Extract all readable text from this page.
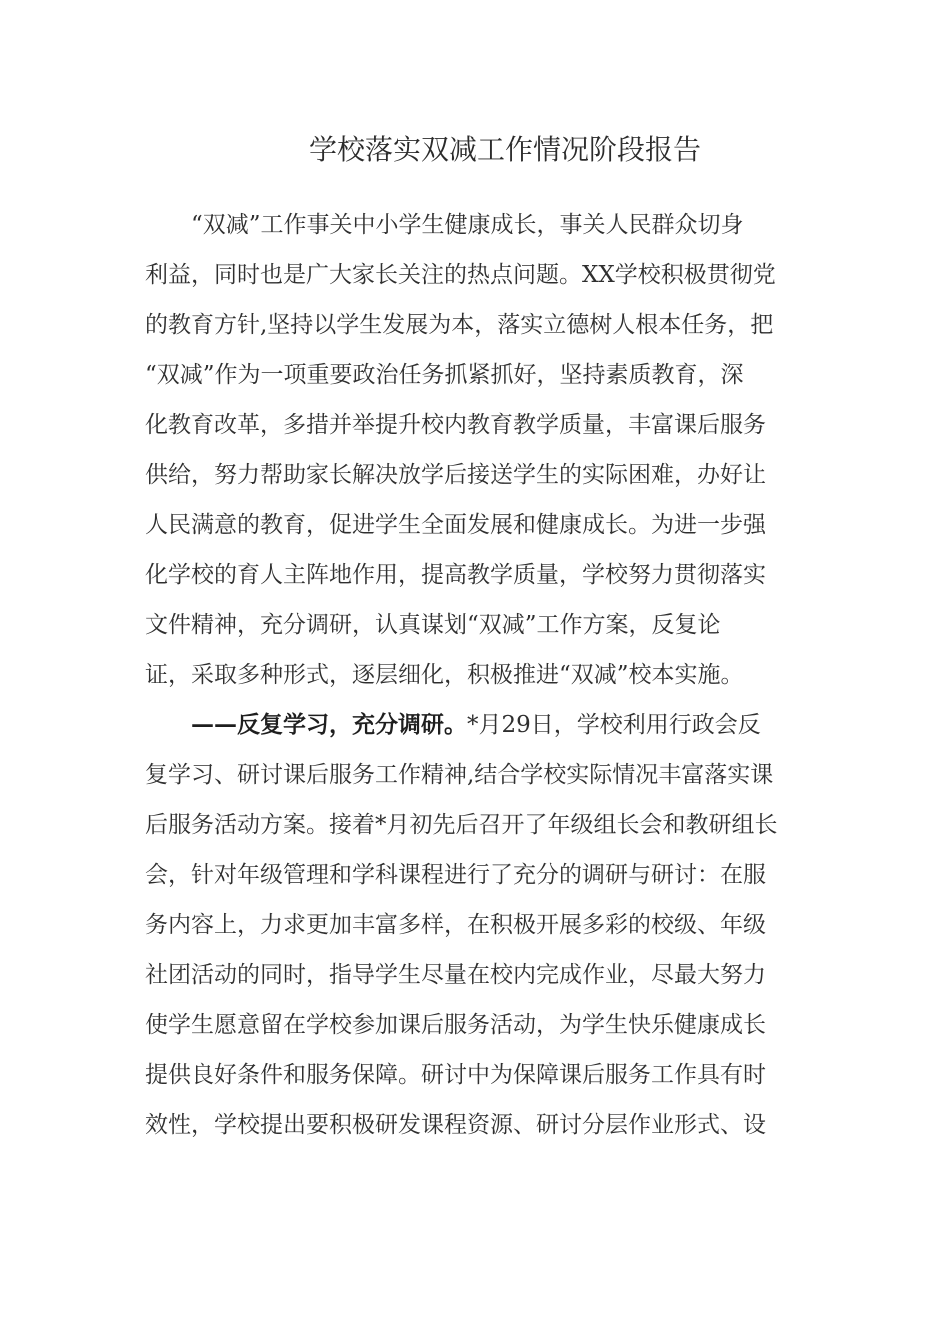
学校落实双减工作情况阶段报告
“双减”工作事关中小学生健康成长，事关人民群众切身
利益，同时也是广大家长关注的热点问题。XX学校积极贯彻党
的教育方针,坚持以学生发展为本，落实立德树人根本任务，把
“双减”作为一项重要政治任务抓紧抓好，坚持素质教育，深
化教育改革，多措并举提升校内教育教学质量，丰富课后服务
供给，努力帮助家长解决放学后接送学生的实际困难，办好让
人民满意的教育，促进学生全面发展和健康成长。为进一步强
化学校的育人主阵地作用，提高教学质量，学校努力贯彻落实
文件精神，充分调研，认真谋划“双减”工作方案，反复论
证，采取多种形式，逐层细化，积极推进“双减”校本实施。
——反复学习，充分调研。*月29日，学校利用行政会反
复学习、研讨课后服务工作精神,结合学校实际情况丰富落实课
后服务活动方案。接着*月初先后召开了年级组长会和教研组长
会，针对年级管理和学科课程进行了充分的调研与研讨：在服
务内容上，力求更加丰富多样，在积极开展多彩的校级、年级
社团活动的同时，指导学生尽量在校内完成作业，尽最大努力
使学生愿意留在学校参加课后服务活动，为学生快乐健康成长
提供良好条件和服务保障。研讨中为保障课后服务工作具有时
效性，学校提出要积极研发课程资源、研讨分层作业形式、设
